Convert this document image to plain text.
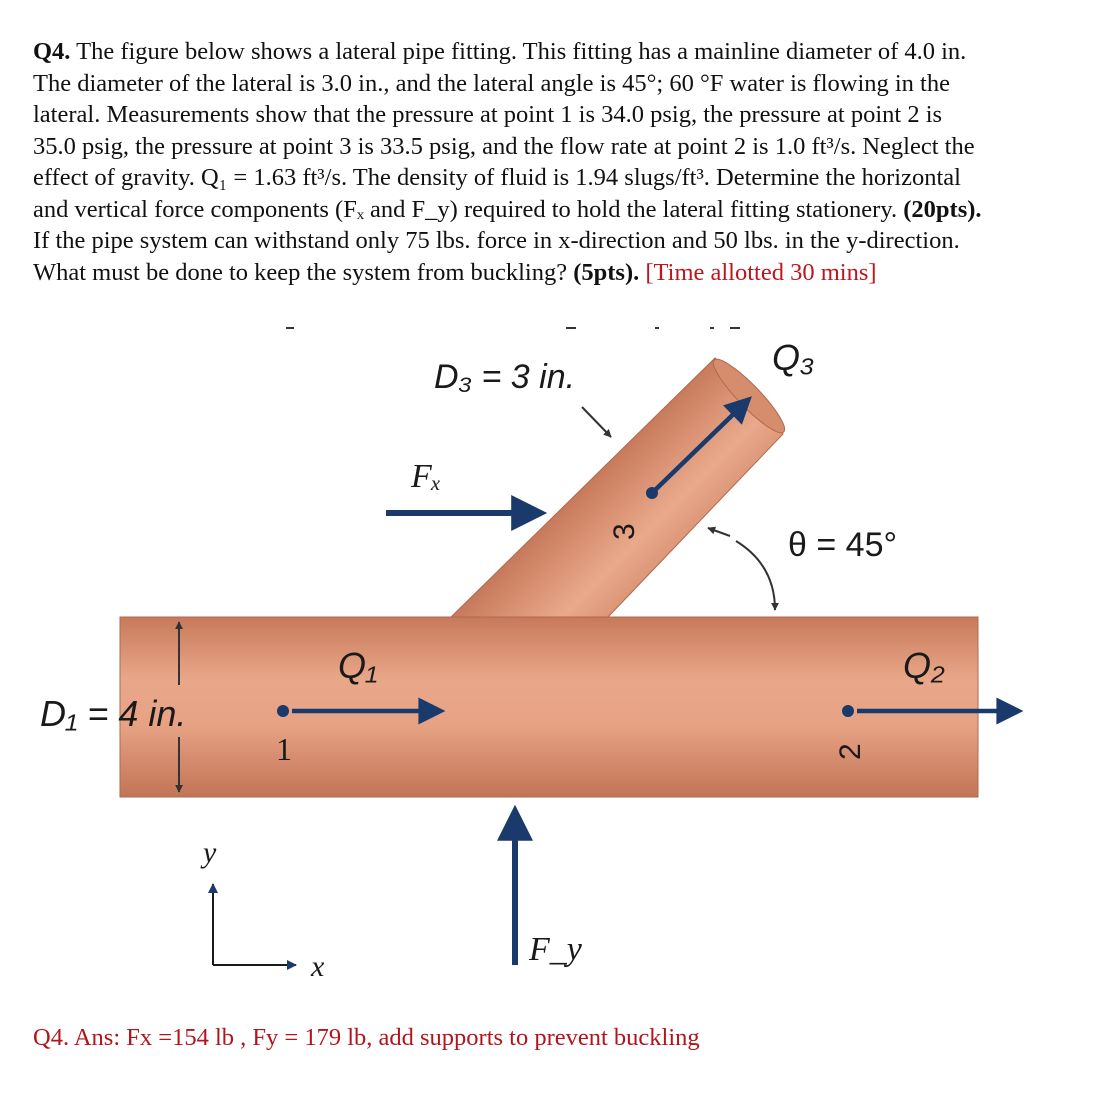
Q4. The figure below shows a lateral pipe fitting. This fitting has a mainline diameter of 4.0 in.
The diameter of the lateral is 3.0 in., and the lateral angle is 45°; 60 °F water is flowing in the
lateral. Measurements show that the pressure at point 1 is 34.0 psig, the pressure at point 2 is
35.0 psig, the pressure at point 3 is 33.5 psig, and the flow rate at point 2 is 1.0 ft³/s. Neglect the
effect of gravity. Q₁ = 1.63 ft³/s. The density of fluid is 1.94 slugs/ft³. Determine the horizontal
and vertical force components (Fₓ and F_y) required to hold the lateral fitting stationery. (20pts).
If the pipe system can withstand only 75 lbs. force in x-direction and 50 lbs. in the y-direction.
What must be done to keep the system from buckling? (5pts). [Time allotted 30 mins]
D₃ = 3 in.	Q₃
Fₓ
3	θ = 45°
D₁ = 4 in.
Q₁
1
Q₂
2
F_y
y
x
Q4. Ans: Fx =154 lb , Fy = 179 lb, add supports to prevent buckling
